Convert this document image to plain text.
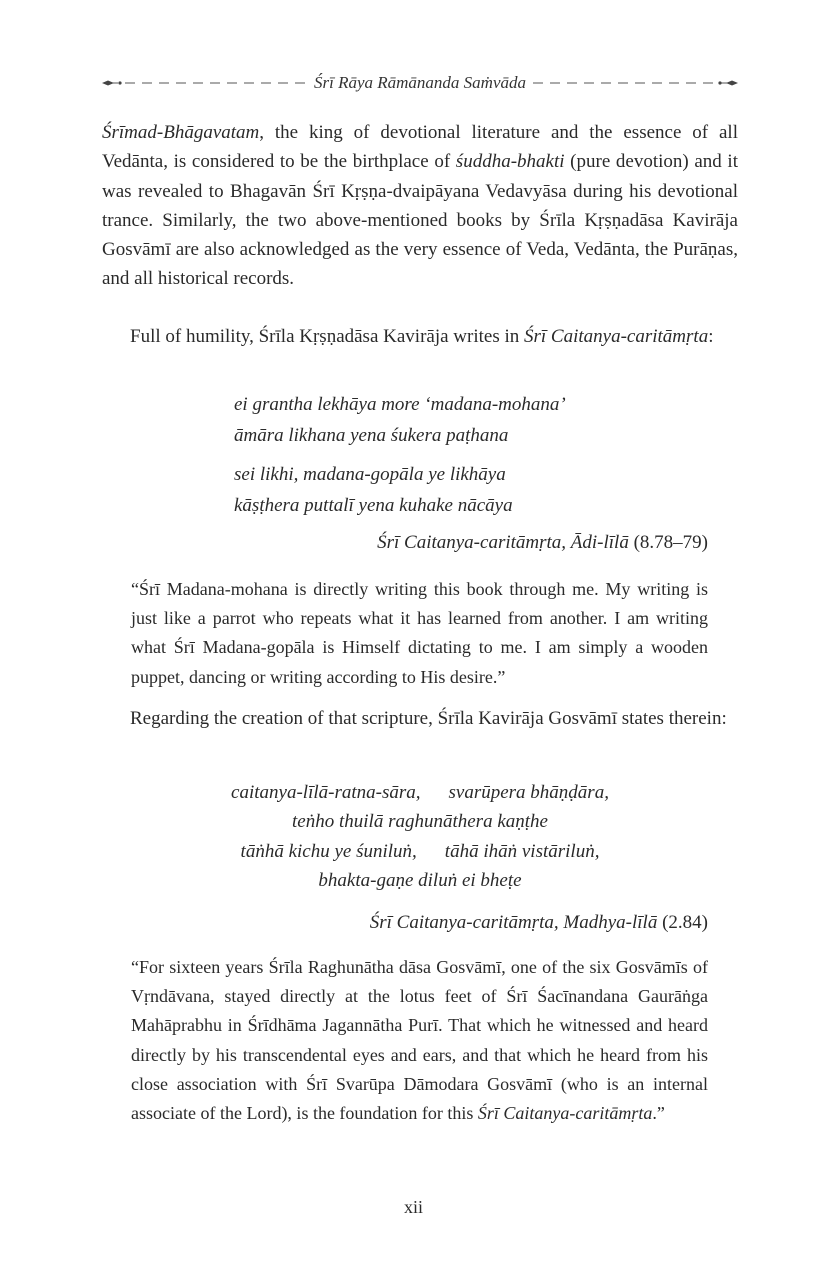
Śrī Rāya Rāmānanda Saṁvāda

Śrīmad-Bhāgavatam, the king of devotional literature and the essence of all Vedānta, is considered to be the birthplace of śuddha-bhakti (pure devotion) and it was revealed to Bhagavān Śrī Kṛṣṇa-dvaipāyana Vedavyāsa during his devotional trance. Similarly, the two above-mentioned books by Śrīla Kṛṣṇadāsa Kavirāja Gosvāmī are also acknowledged as the very essence of Veda, Vedānta, the Purāṇas, and all historical records.

Full of humility, Śrīla Kṛṣṇadāsa Kavirāja writes in Śrī Caitanya-caritāmṛta:

ei grantha lekhāya more ‘madana-mohana’
āmāra likhana yena śukera paṭhana
sei likhi, madana-gopāla ye likhāya
kāṣṭhera puttalī yena kuhake nācāya
Śrī Caitanya-caritāmṛta, Ādi-līlā (8.78–79)

“Śrī Madana-mohana is directly writing this book through me. My writing is just like a parrot who repeats what it has learned from another. I am writing what Śrī Madana-gopāla is Himself dictating to me. I am simply a wooden puppet, dancing or writing according to His desire.”

Regarding the creation of that scripture, Śrīla Kavirāja Gosvāmī states therein:

caitanya-līlā-ratna-sāra, svarūpera bhāṇḍāra,
teṅho thuilā raghunāthera kaṇṭhe
tāṅhā kichu ye śuniluṅ, tāhā ihāṅ vistāriluṅ,
bhakta-gaṇe diluṅ ei bheṭe
Śrī Caitanya-caritāmṛta, Madhya-līlā (2.84)

“For sixteen years Śrīla Raghunātha dāsa Gosvāmī, one of the six Gosvāmīs of Vṛndāvana, stayed directly at the lotus feet of Śrī Śacīnandana Gaurāṅga Mahāprabhu in Śrīdhāma Jagannātha Purī. That which he witnessed and heard directly by his transcendental eyes and ears, and that which he heard from his close association with Śrī Svarūpa Dāmodara Gosvāmī (who is an internal associate of the Lord), is the foundation for this Śrī Caitanya-caritāmṛta.”

xii
